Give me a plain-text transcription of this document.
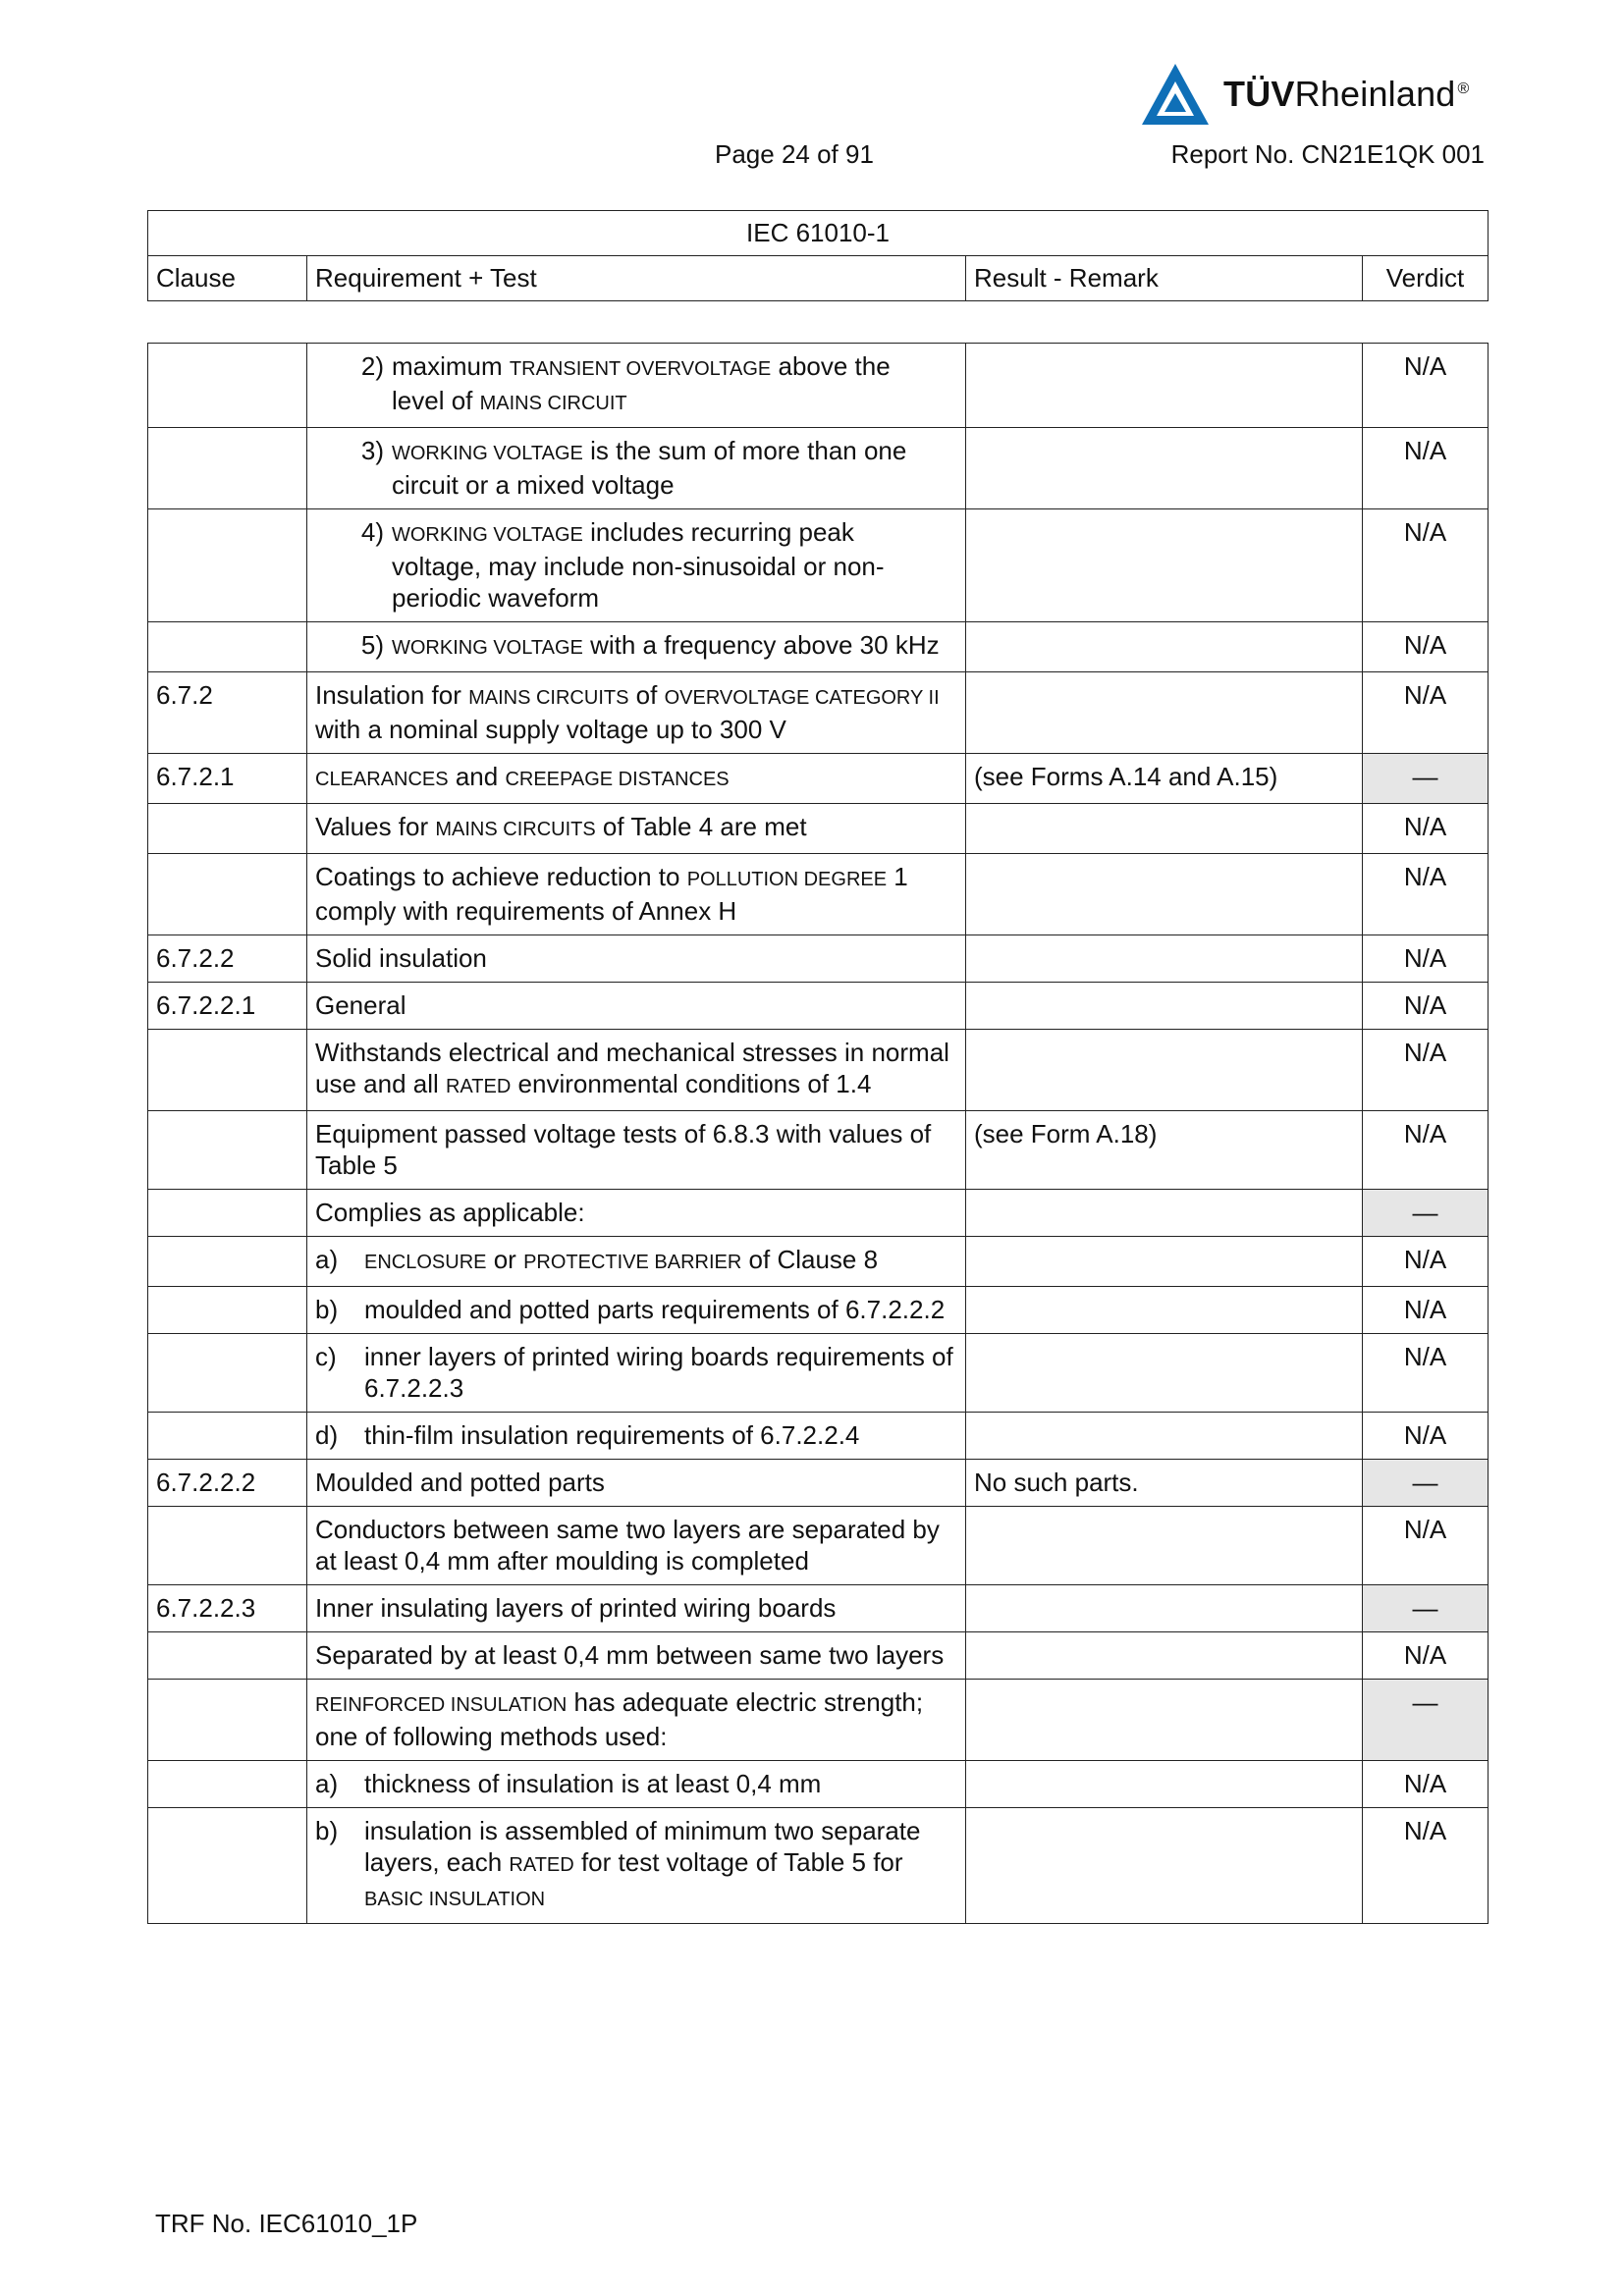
TÜVRheinland ®
Page 24 of 91	Report No. CN21E1QK 001
IEC 61010-1
Clause	Requirement + Test	Result - Remark	Verdict
	2) maximum TRANSIENT OVERVOLTAGE above the level of MAINS CIRCUIT		N/A
	3) WORKING VOLTAGE is the sum of more than one circuit or a mixed voltage		N/A
	4) WORKING VOLTAGE includes recurring peak voltage, may include non-sinusoidal or non-periodic waveform		N/A
	5) WORKING VOLTAGE with a frequency above 30 kHz		N/A
6.7.2	Insulation for MAINS CIRCUITS of OVERVOLTAGE CATEGORY II with a nominal supply voltage up to 300 V		N/A
6.7.2.1	CLEARANCES and CREEPAGE DISTANCES	(see Forms A.14 and A.15)	—
	Values for MAINS CIRCUITS of Table 4 are met		N/A
	Coatings to achieve reduction to POLLUTION DEGREE 1 comply with requirements of Annex H		N/A
6.7.2.2	Solid insulation		N/A
6.7.2.2.1	General		N/A
	Withstands electrical and mechanical stresses in normal use and all RATED environmental conditions of 1.4		N/A
	Equipment passed voltage tests of 6.8.3 with values of Table 5	(see Form A.18)	N/A
	Complies as applicable:		—
	a) ENCLOSURE or PROTECTIVE BARRIER of Clause 8		N/A
	b) moulded and potted parts requirements of 6.7.2.2.2		N/A
	c) inner layers of printed wiring boards requirements of 6.7.2.2.3		N/A
	d) thin-film insulation requirements of 6.7.2.2.4		N/A
6.7.2.2.2	Moulded and potted parts	No such parts.	—
	Conductors between same two layers are separated by at least 0,4 mm after moulding is completed		N/A
6.7.2.2.3	Inner insulating layers of printed wiring boards		—
	Separated by at least 0,4 mm between same two layers		N/A
	REINFORCED INSULATION has adequate electric strength; one of following methods used:		—
	a) thickness of insulation is at least 0,4 mm		N/A
	b) insulation is assembled of minimum two separate layers, each RATED for test voltage of Table 5 for BASIC INSULATION		N/A
TRF No. IEC61010_1P
